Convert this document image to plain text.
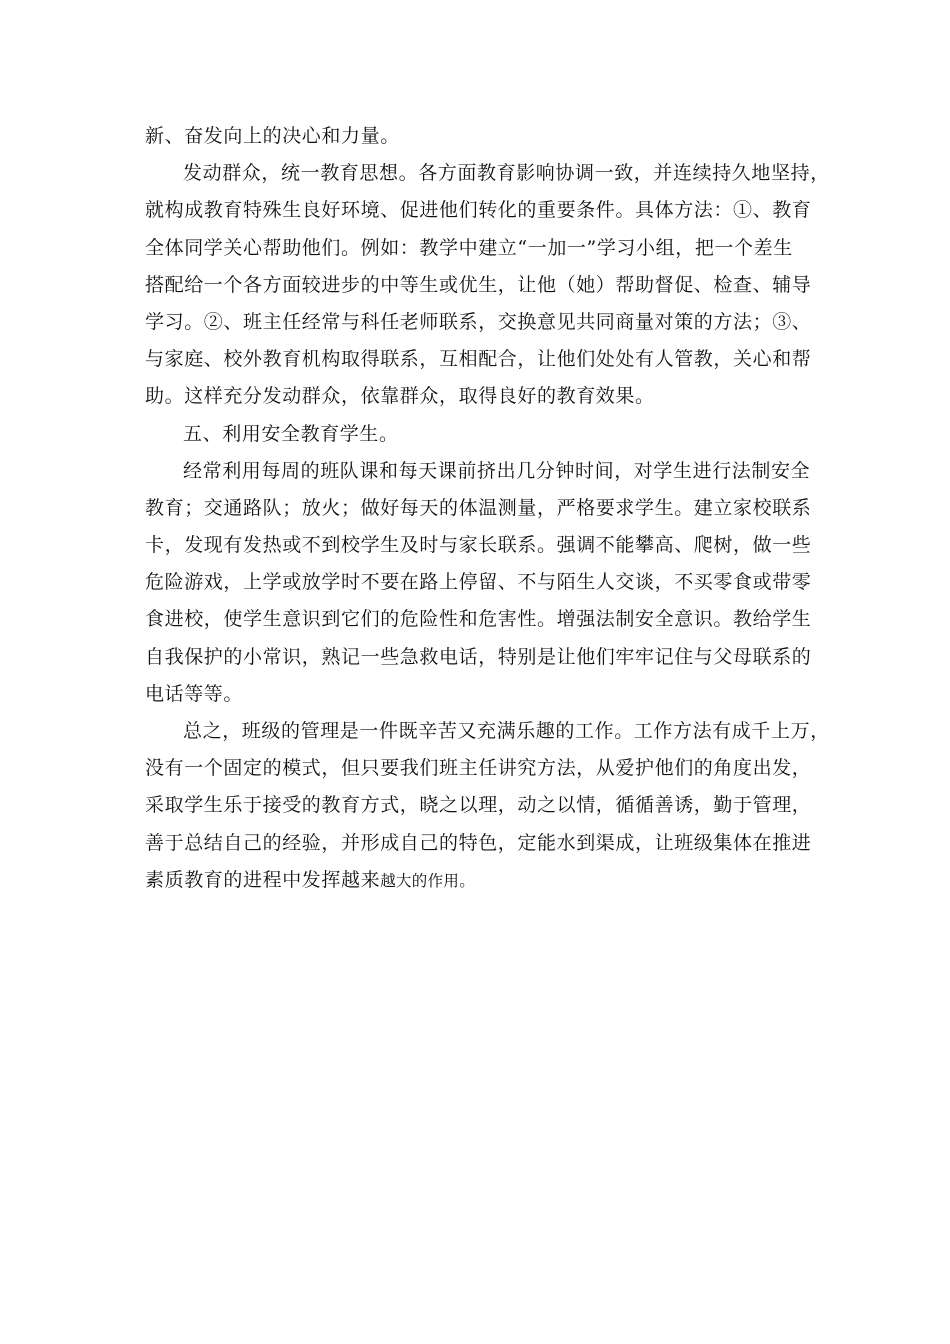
新、奋发向上的决心和力量。
发动群众，统一教育思想。各方面教育影响协调一致，并连续持久地坚持，
就构成教育特殊生良好环境、促进他们转化的重要条件。具体方法：①、教育
全体同学关心帮助他们。例如：教学中建立“一加一”学习小组，把一个差生
搭配给一个各方面较进步的中等生或优生，让他（她）帮助督促、检查、辅导
学习。②、班主任经常与科任老师联系，交换意见共同商量对策的方法；③、
与家庭、校外教育机构取得联系，互相配合，让他们处处有人管教，关心和帮
助。这样充分发动群众，依靠群众，取得良好的教育效果。
五、利用安全教育学生。
经常利用每周的班队课和每天课前挤出几分钟时间，对学生进行法制安全
教育；交通路队；放火；做好每天的体温测量，严格要求学生。建立家校联系
卡，发现有发热或不到校学生及时与家长联系。强调不能攀高、爬树，做一些
危险游戏，上学或放学时不要在路上停留、不与陌生人交谈，不买零食或带零
食进校，使学生意识到它们的危险性和危害性。增强法制安全意识。教给学生
自我保护的小常识，熟记一些急救电话，特别是让他们牢牢记住与父母联系的
电话等等。
总之，班级的管理是一件既辛苦又充满乐趣的工作。工作方法有成千上万，
没有一个固定的模式，但只要我们班主任讲究方法，从爱护他们的角度出发，
采取学生乐于接受的教育方式，晓之以理，动之以情，循循善诱，勤于管理，
善于总结自己的经验，并形成自己的特色，定能水到渠成，让班级集体在推进
素质教育的进程中发挥越来越大的作用。
